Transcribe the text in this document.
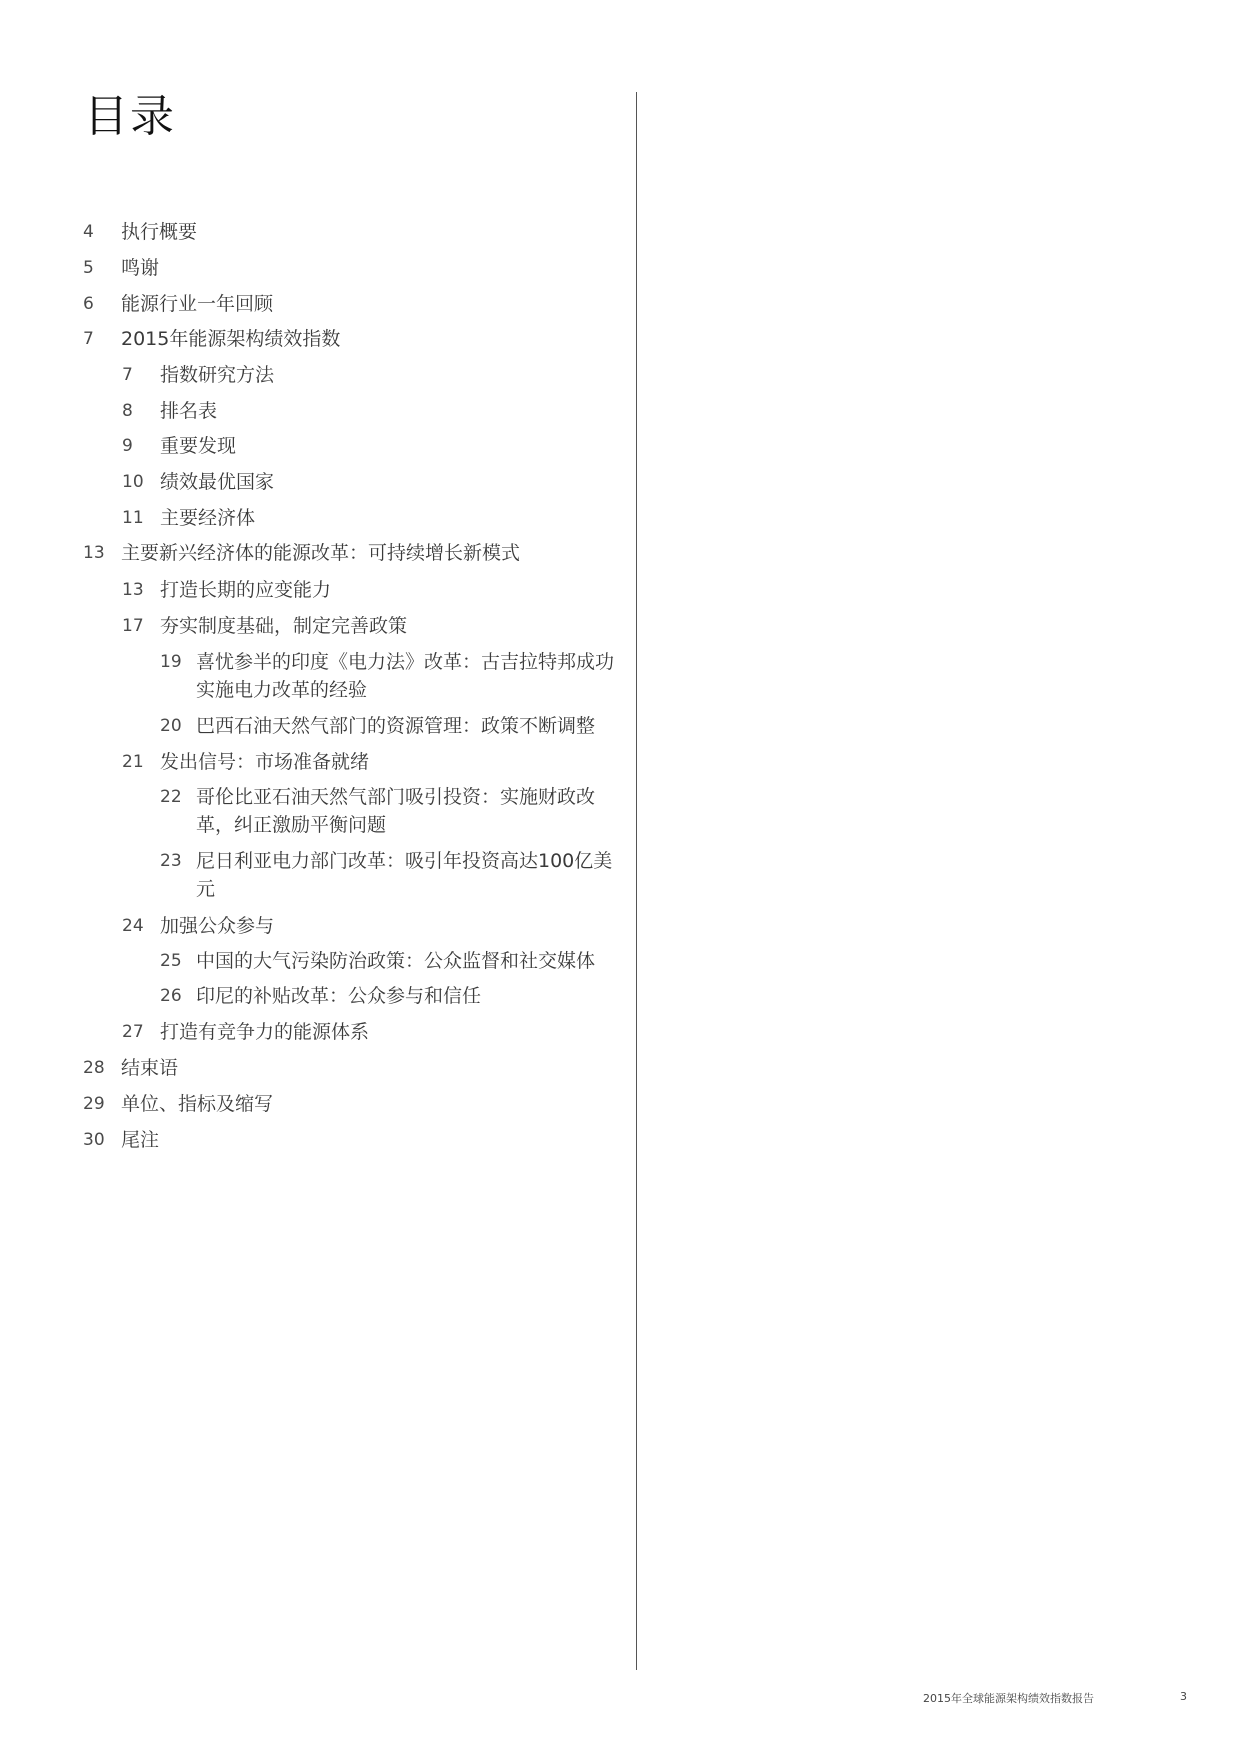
目录
4 执行概要
5 鸣谢
6 能源行业一年回顾
7 2015年能源架构绩效指数
7 指数研究方法
8 排名表
9 重要发现
10 绩效最优国家
11 主要经济体
13 主要新兴经济体的能源改革：可持续增长新模式
13 打造长期的应变能力
17 夯实制度基础，制定完善政策
19 喜忧参半的印度《电力法》改革：古吉拉特邦成功实施电力改革的经验
20 巴西石油天然气部门的资源管理：政策不断调整
21 发出信号：市场准备就绪
22 哥伦比亚石油天然气部门吸引投资：实施财政改革，纠正激励平衡问题
23 尼日利亚电力部门改革：吸引年投资高达100亿美元
24 加强公众参与
25 中国的大气污染防治政策：公众监督和社交媒体
26 印尼的补贴改革：公众参与和信任
27 打造有竞争力的能源体系
28 结束语
29 单位、指标及缩写
30 尾注
2015年全球能源架构绩效指数报告	3
